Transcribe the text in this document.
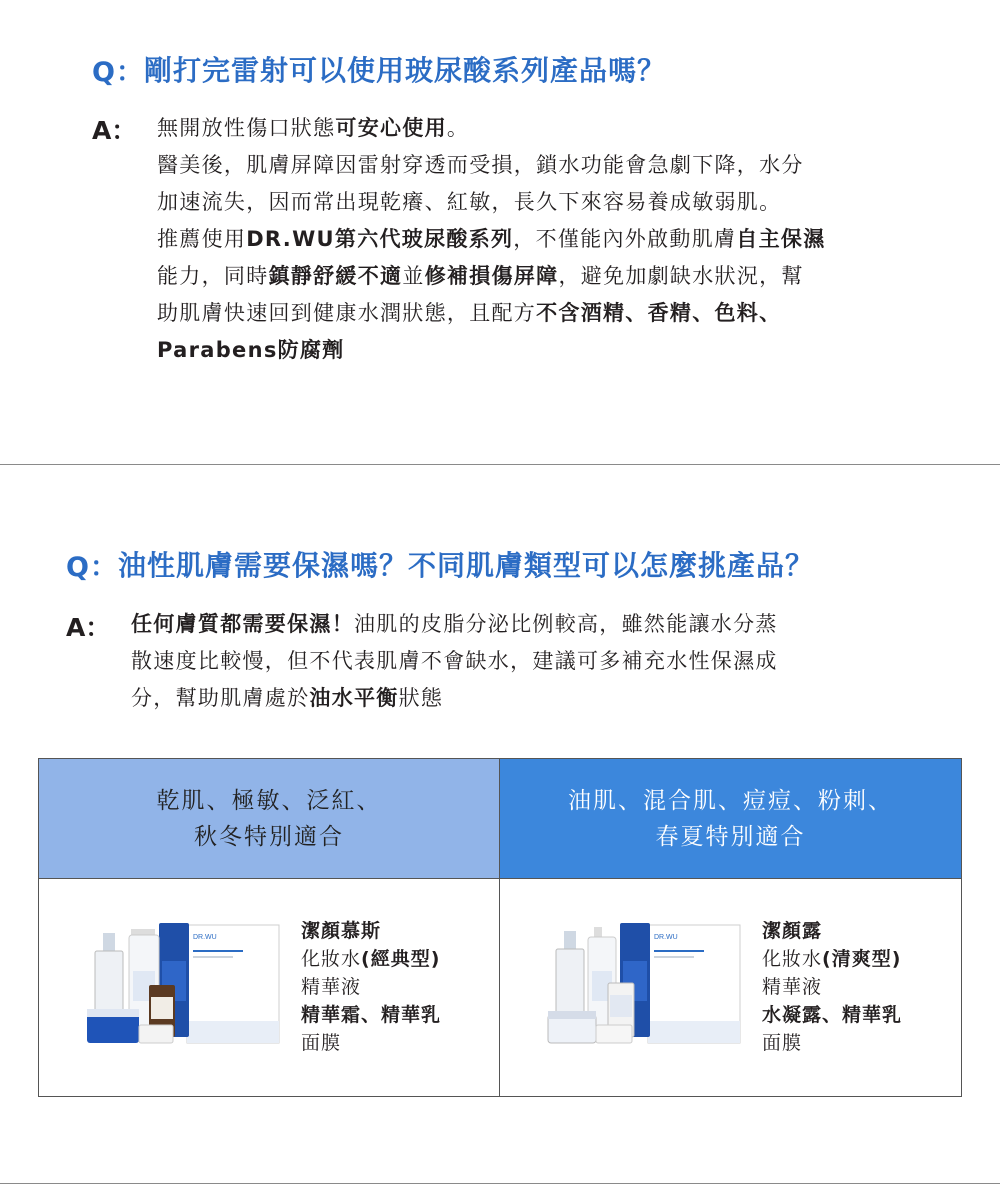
Q： 剛打完雷射可以使用玻尿酸系列產品嗎？
A： 無開放性傷口狀態可安心使用。
醫美後，肌膚屏障因雷射穿透而受損，鎖水功能會急劇下降，水分
加速流失，因而常出現乾癢、紅敏，長久下來容易養成敏弱肌。
推薦使用DR.WU第六代玻尿酸系列，不僅能內外啟動肌膚自主保濕
能力，同時鎮靜舒緩不適並修補損傷屏障，避免加劇缺水狀況，幫
助肌膚快速回到健康水潤狀態，且配方不含酒精、香精、色料、
Parabens防腐劑
Q： 油性肌膚需要保濕嗎？不同肌膚類型可以怎麼挑產品？
A： 任何膚質都需要保濕！油肌的皮脂分泌比例較高，雖然能讓水分蒸
散速度比較慢，但不代表肌膚不會缺水，建議可多補充水性保濕成
分，幫助肌膚處於油水平衡狀態
乾肌、極敏、泛紅、
秋冬特別適合
油肌、混合肌、痘痘、粉刺、
春夏特別適合
DR.WU	潔顏慕斯
化妝水(經典型)
精華液
精華霜、精華乳
面膜
DR.WU	潔顏露
化妝水(清爽型)
精華液
水凝露、精華乳
面膜
